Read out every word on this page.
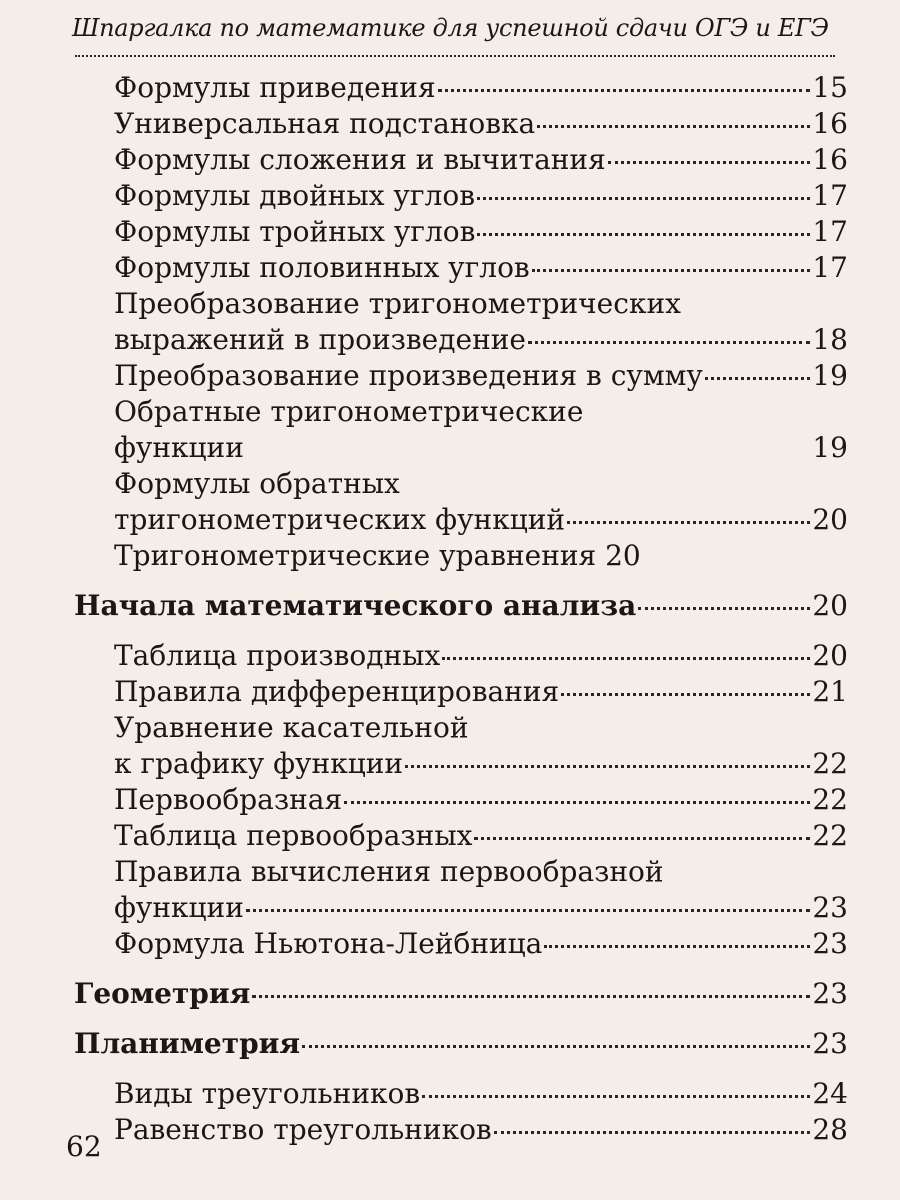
Шпаргалка по математике для успешной сдачи ОГЭ и ЕГЭ
Формулы приведения	15
Универсальная подстановка	16
Формулы сложения и вычитания	16
Формулы двойных углов	17
Формулы тройных углов	17
Формулы половинных углов	17
Преобразование тригонометрических
выражений в произведение	18
Преобразование произведения в сумму	19
Обратные тригонометрические
функции	19
Формулы обратных
тригонометрических функций	20
Тригонометрические уравнения 20
Начала математического анализа	20
Таблица производных	20
Правила дифференцирования	21
Уравнение касательной
к графику функции	22
Первообразная	22
Таблица первообразных	22
Правила вычисления первообразной
функции	23
Формула Ньютона-Лейбница	23
Геометрия	23
Планиметрия	23
Виды треугольников	24
Равенство треугольников	28
62
